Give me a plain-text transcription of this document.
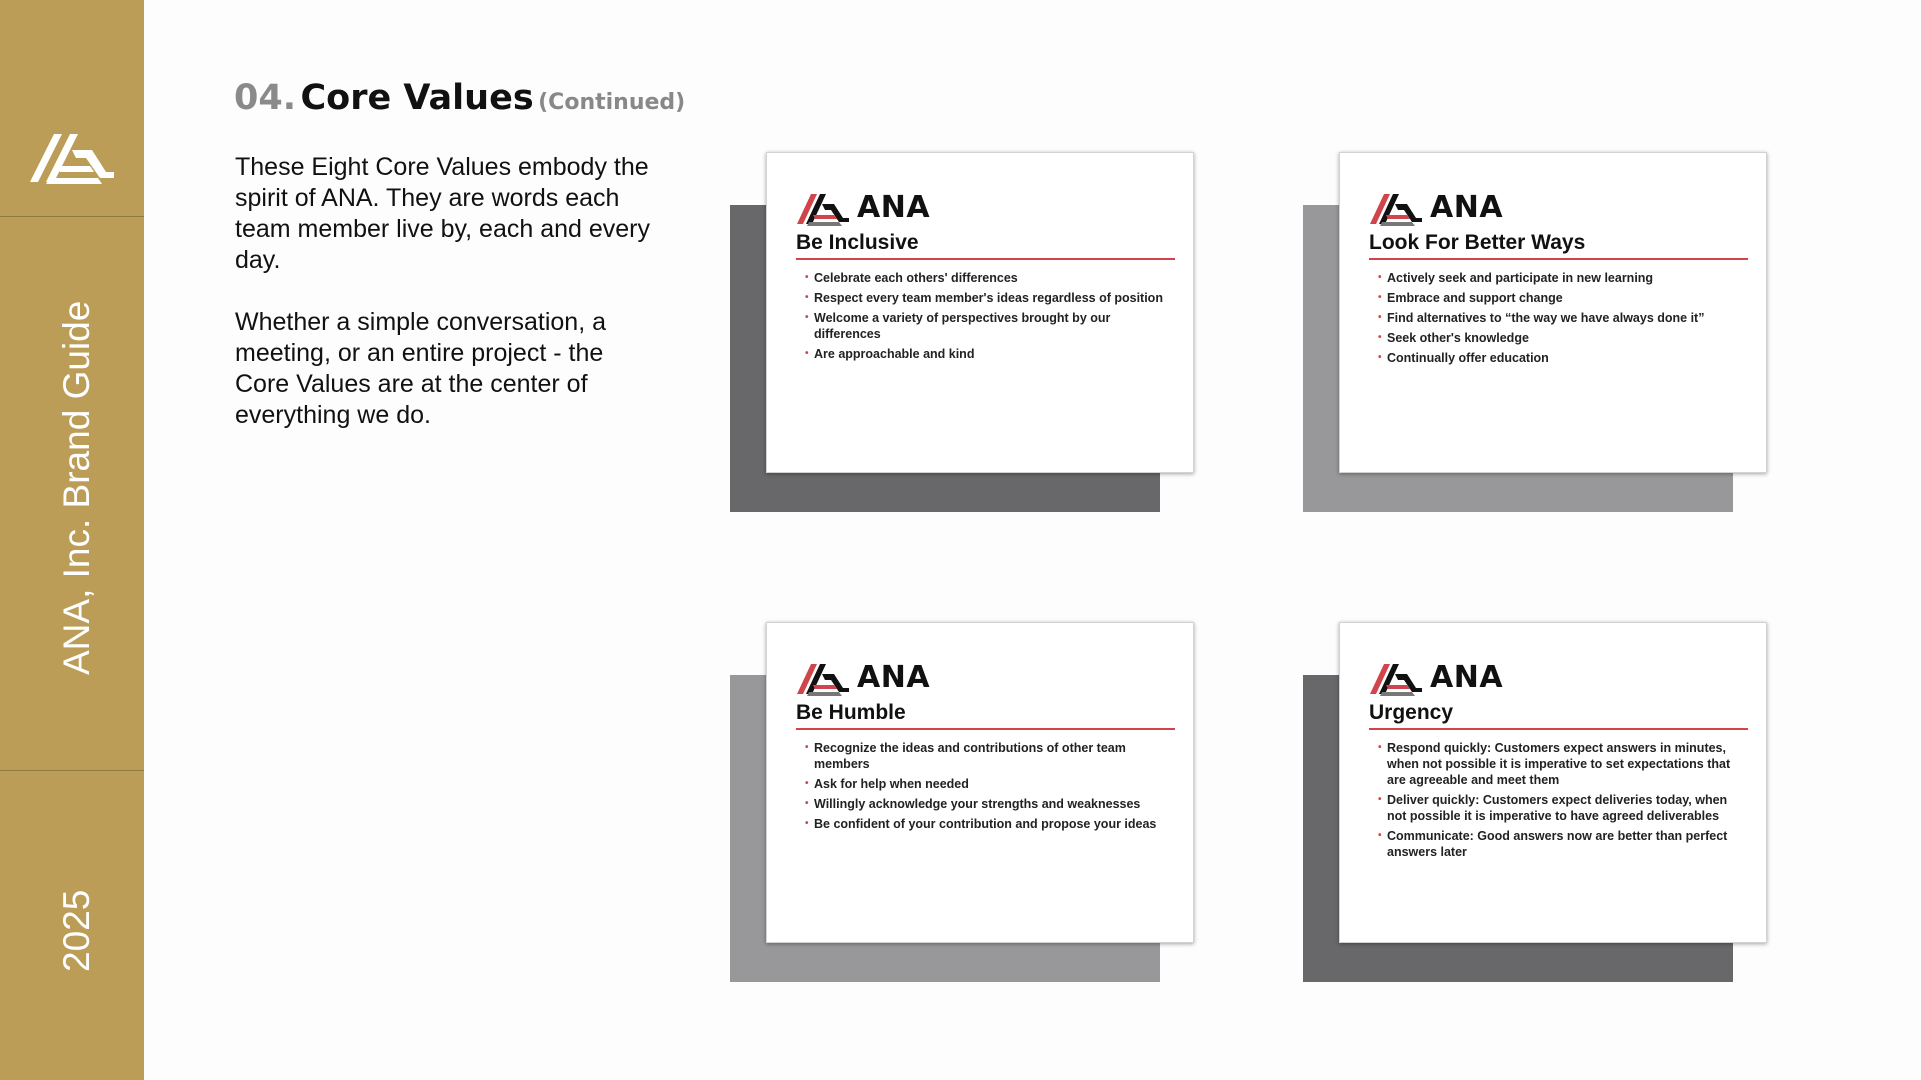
ANA, Inc. Brand Guide
2025
04. Core Values (Continued)

These Eight Core Values embody the spirit of ANA. They are words each team member live by, each and every day.

Whether a simple conversation, a meeting, or an entire project - the Core Values are at the center of everything we do.

ANA
Be Inclusive
• Celebrate each others' differences
• Respect every team member's ideas regardless of position
• Welcome a variety of perspectives brought by our differences
• Are approachable and kind
ANA
Look For Better Ways
• Actively seek and participate in new learning
• Embrace and support change
• Find alternatives to “the way we have always done it”
• Seek other's knowledge
• Continually offer education
ANA
Be Humble
• Recognize the ideas and contributions of other team members
• Ask for help when needed
• Willingly acknowledge your strengths and weaknesses
• Be confident of your contribution and propose your ideas
ANA
Urgency
• Respond quickly: Customers expect answers in minutes, when not possible it is imperative to set expectations that are agreeable and meet them
• Deliver quickly: Customers expect deliveries today, when not possible it is imperative to have agreed deliverables
• Communicate: Good answers now are better than perfect answers later
